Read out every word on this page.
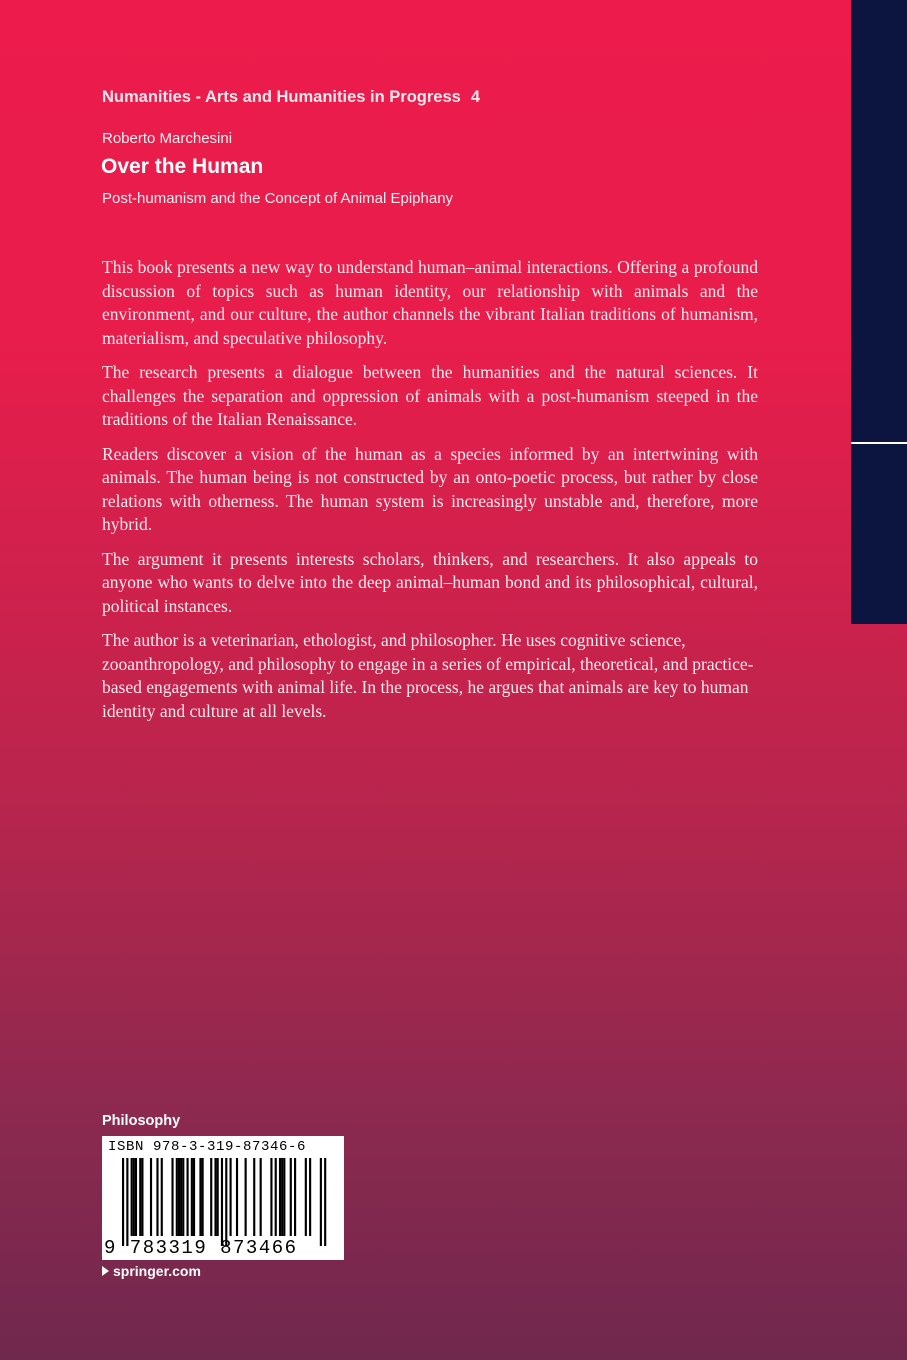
Numanities - Arts and Humanities in Progress 4
Roberto Marchesini
Over the Human
Post-humanism and the Concept of Animal Epiphany

This book presents a new way to understand human–animal interactions. Offering a profound discussion of topics such as human identity, our relationship with animals and the environment, and our culture, the author channels the vibrant Italian traditions of humanism, materialism, and speculative philosophy.

The research presents a dialogue between the humanities and the natural sciences. It challenges the separation and oppression of animals with a post-humanism steeped in the traditions of the Italian Renaissance.

Readers discover a vision of the human as a species informed by an intertwining with animals. The human being is not constructed by an onto-poetic process, but rather by close relations with otherness. The human system is increasingly unstable and, therefore, more hybrid.

The argument it presents interests scholars, thinkers, and researchers. It also appeals to anyone who wants to delve into the deep animal–human bond and its philosophical, cultural, political instances.

The author is a veterinarian, ethologist, and philosopher. He uses cognitive science, zooanthropology, and philosophy to engage in a series of empirical, theoretical, and practice-based engagements with animal life. In the process, he argues that animals are key to human identity and culture at all levels.

Philosophy
ISBN 978-3-319-87346-6
9 783319 873466
springer.com
